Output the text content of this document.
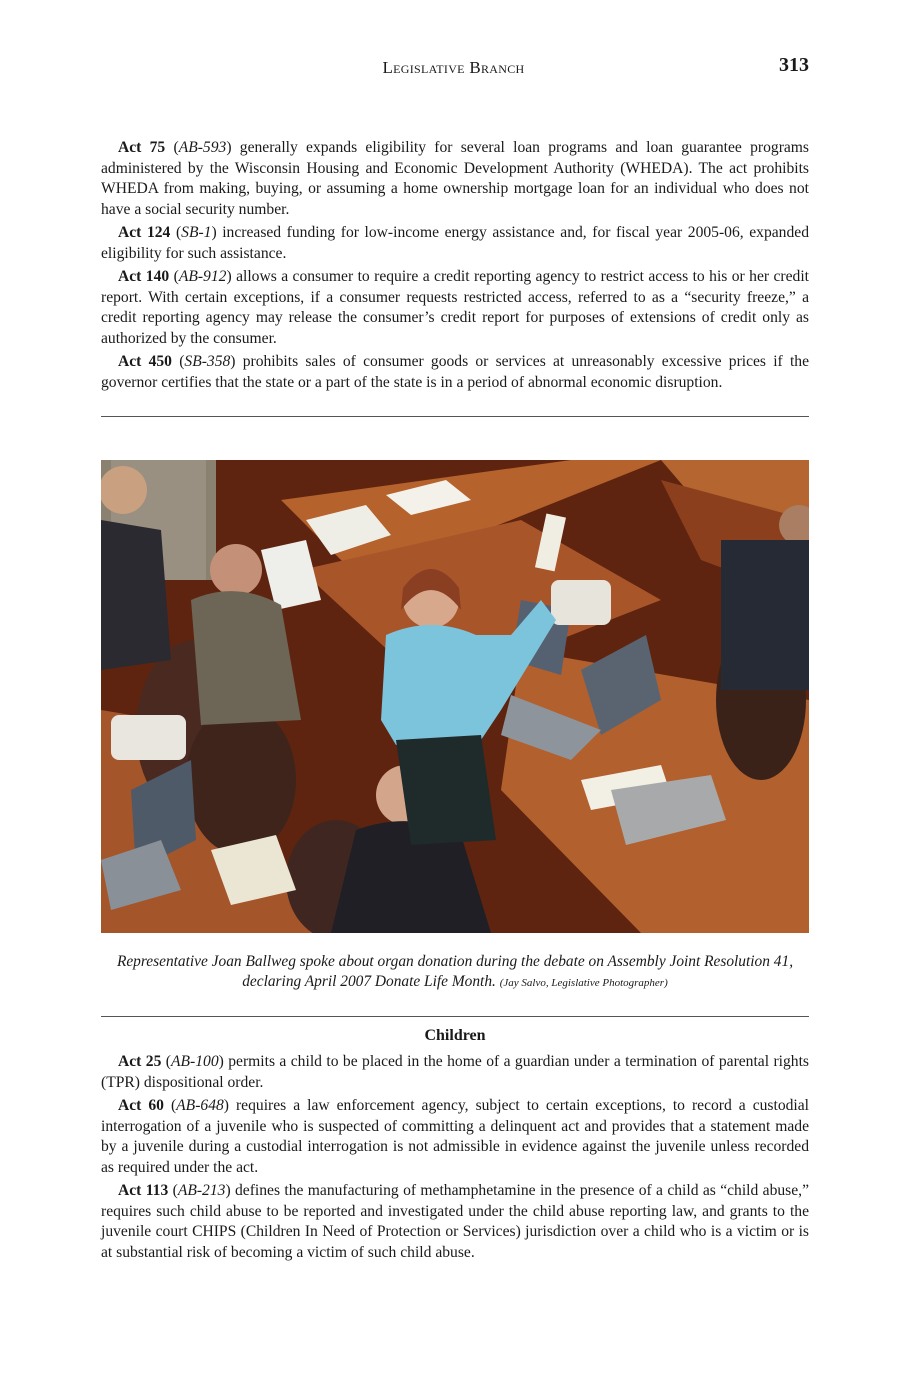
Legislative Branch	313

Act 75 (AB-593) generally expands eligibility for several loan programs and loan guarantee programs administered by the Wisconsin Housing and Economic Development Authority (WHEDA). The act prohibits WHEDA from making, buying, or assuming a home ownership mortgage loan for an individual who does not have a social security number.

Act 124 (SB-1) increased funding for low-income energy assistance and, for fiscal year 2005-06, expanded eligibility for such assistance.

Act 140 (AB-912) allows a consumer to require a credit reporting agency to restrict access to his or her credit report. With certain exceptions, if a consumer requests restricted access, referred to as a “security freeze,” a credit reporting agency may release the consumer’s credit report for purposes of extensions of credit only as authorized by the consumer.

Act 450 (SB-358) prohibits sales of consumer goods or services at unreasonably excessive prices if the governor certifies that the state or a part of the state is in a period of abnormal economic disruption.

Representative Joan Ballweg spoke about organ donation during the debate on Assembly Joint Resolution 41, declaring April 2007 Donate Life Month. (Jay Salvo, Legislative Photographer)
Children

Act 25 (AB-100) permits a child to be placed in the home of a guardian under a termination of parental rights (TPR) dispositional order.

Act 60 (AB-648) requires a law enforcement agency, subject to certain exceptions, to record a custodial interrogation of a juvenile who is suspected of committing a delinquent act and provides that a statement made by a juvenile during a custodial interrogation is not admissible in evidence against the juvenile unless recorded as required under the act.

Act 113 (AB-213) defines the manufacturing of methamphetamine in the presence of a child as “child abuse,” requires such child abuse to be reported and investigated under the child abuse reporting law, and grants to the juvenile court CHIPS (Children In Need of Protection or Services) jurisdiction over a child who is a victim or is at substantial risk of becoming a victim of such child abuse.
